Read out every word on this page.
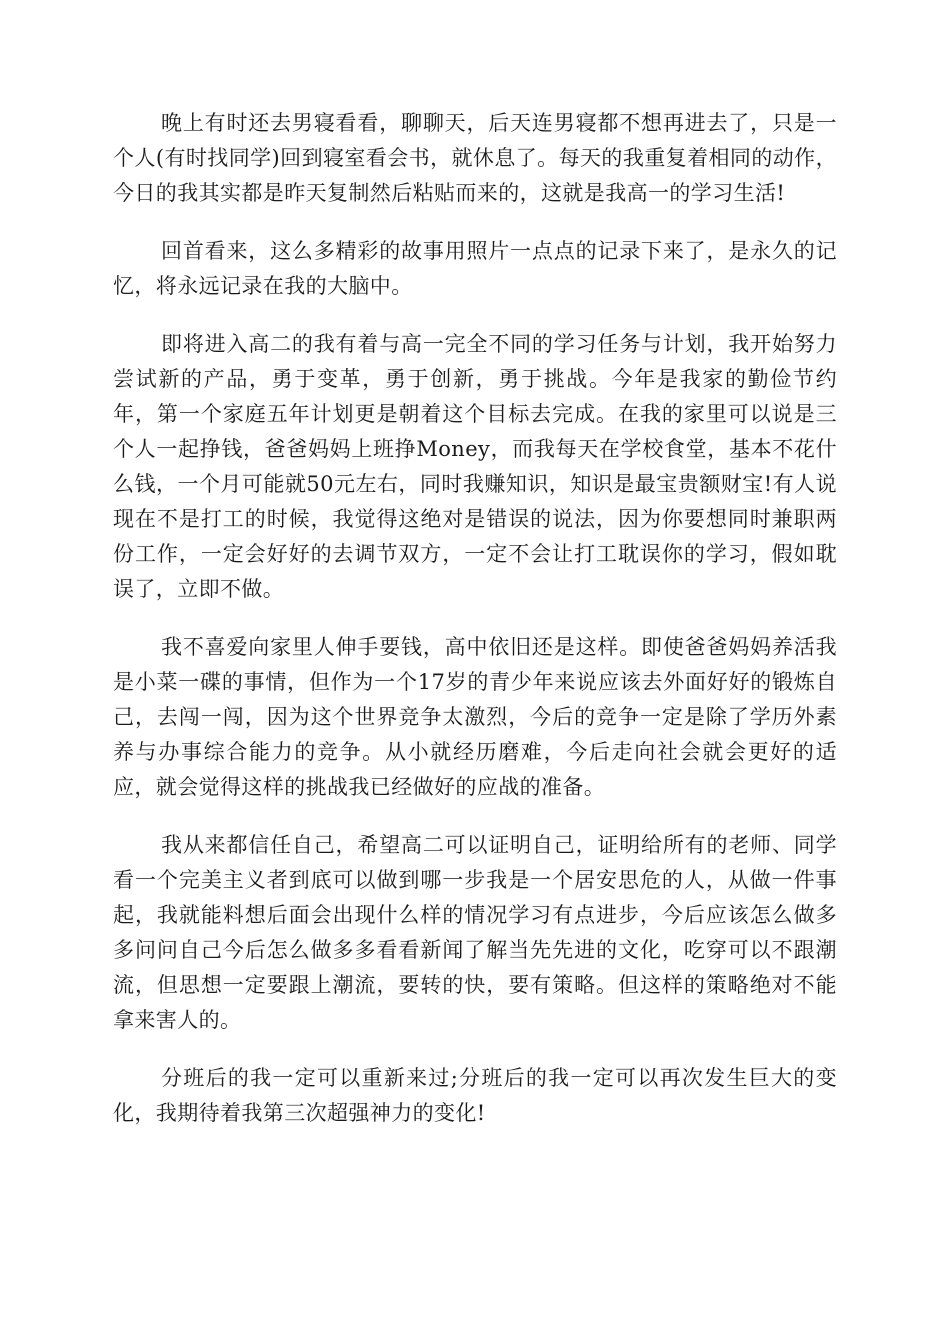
晚上有时还去男寝看看，聊聊天，后天连男寝都不想再进去了，只是一个人(有时找同学)回到寝室看会书，就休息了。每天的我重复着相同的动作，今日的我其实都是昨天复制然后粘贴而来的，这就是我高一的学习生活!

回首看来，这么多精彩的故事用照片一点点的记录下来了，是永久的记忆，将永远记录在我的大脑中。

即将进入高二的我有着与高一完全不同的学习任务与计划，我开始努力尝试新的产品，勇于变革，勇于创新，勇于挑战。今年是我家的勤俭节约年，第一个家庭五年计划更是朝着这个目标去完成。在我的家里可以说是三个人一起挣钱，爸爸妈妈上班挣Money，而我每天在学校食堂，基本不花什么钱，一个月可能就50元左右，同时我赚知识，知识是最宝贵额财宝!有人说现在不是打工的时候，我觉得这绝对是错误的说法，因为你要想同时兼职两份工作，一定会好好的去调节双方，一定不会让打工耽误你的学习，假如耽误了，立即不做。

我不喜爱向家里人伸手要钱，高中依旧还是这样。即使爸爸妈妈养活我是小菜一碟的事情，但作为一个17岁的青少年来说应该去外面好好的锻炼自己，去闯一闯，因为这个世界竞争太激烈，今后的竞争一定是除了学历外素养与办事综合能力的竞争。从小就经历磨难，今后走向社会就会更好的适应，就会觉得这样的挑战我已经做好的应战的准备。

我从来都信任自己，希望高二可以证明自己，证明给所有的老师、同学看一个完美主义者到底可以做到哪一步我是一个居安思危的人，从做一件事起，我就能料想后面会出现什么样的情况学习有点进步，今后应该怎么做多多问问自己今后怎么做多多看看新闻了解当先先进的文化，吃穿可以不跟潮流，但思想一定要跟上潮流，要转的快，要有策略。但这样的策略绝对不能拿来害人的。

分班后的我一定可以重新来过;分班后的我一定可以再次发生巨大的变化，我期待着我第三次超强神力的变化!
